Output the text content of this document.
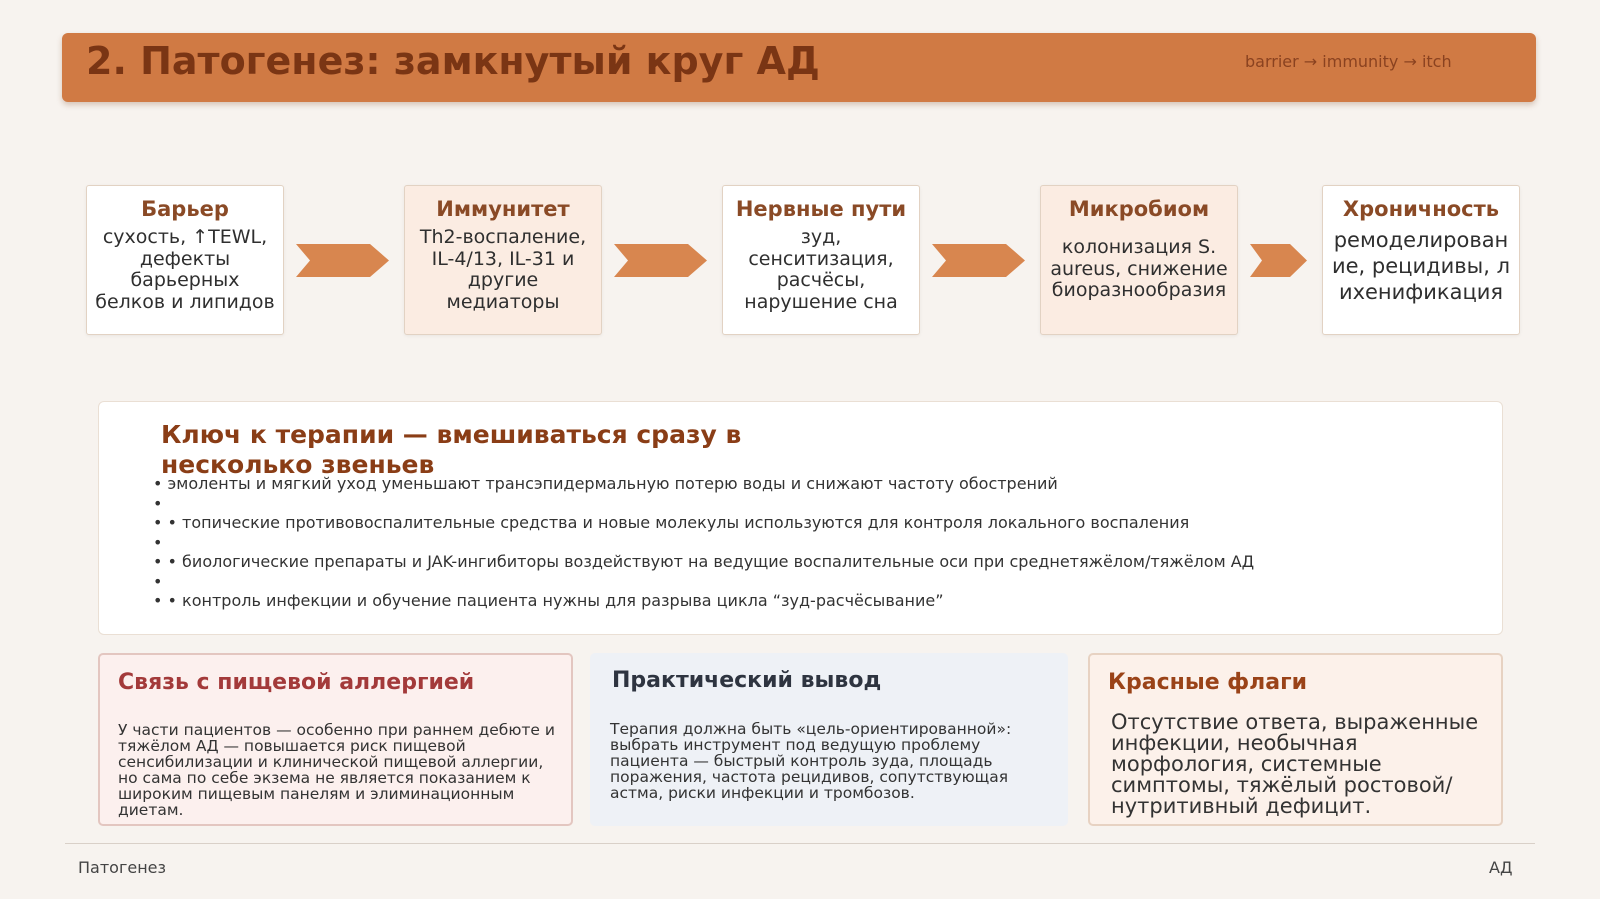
2. Патогенез: замкнутый круг АД	barrier → immunity → itch
Барьер
сухость, ↑TEWL, дефекты барьерных белков и липидов
Иммунитет
Th2-воспаление, IL-4/13, IL-31 и другие медиаторы
Нервные пути
зуд, сенситизация, расчёсы, нарушение сна
Микробиом
колонизация S. aureus, снижение биоразнообразия
Хроничность
ремоделирование, рецидивы, лихенификация
Ключ к терапии — вмешиваться сразу в несколько звеньев
• эмоленты и мягкий уход уменьшают трансэпидермальную потерю воды и снижают частоту обострений
•
• • топические противовоспалительные средства и новые молекулы используются для контроля локального воспаления
•
• • биологические препараты и JAK-ингибиторы воздействуют на ведущие воспалительные оси при среднетяжёлом/тяжёлом АД
•
• • контроль инфекции и обучение пациента нужны для разрыва цикла “зуд-расчёсывание”
Связь с пищевой аллергией
У части пациентов — особенно при раннем дебюте и тяжёлом АД — повышается риск пищевой сенсибилизации и клинической пищевой аллергии, но сама по себе экзема не является показанием к широким пищевым панелям и элиминационным диетам.
Практический вывод
Терапия должна быть «цель-ориентированной»: выбрать инструмент под ведущую проблему пациента — быстрый контроль зуда, площадь поражения, частота рецидивов, сопутствующая астма, риски инфекции и тромбозов.
Красные флаги
Отсутствие ответа, выраженные инфекции, необычная морфология, системные симптомы, тяжёлый ростовой/нутритивный дефицит.
Патогенез	АД
